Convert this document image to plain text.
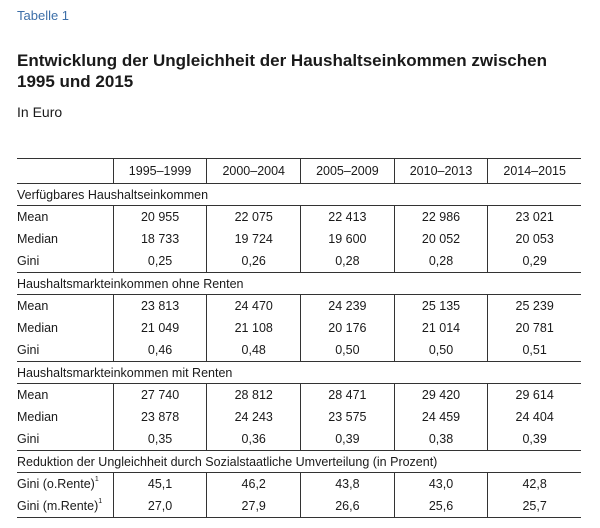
Tabelle 1
Entwicklung der Ungleichheit der Haushaltseinkommen zwischen 1995 und 2015
In Euro
	1995–1999	2000–2004	2005–2009	2010–2013	2014–2015
Verfügbares Haushaltseinkommen					
Mean	20 955	22 075	22 413	22 986	23 021
Median	18 733	19 724	19 600	20 052	20 053
Gini	0,25	0,26	0,28	0,28	0,29
Haushaltsmarkteinkommen ohne Renten					
Mean	23 813	24 470	24 239	25 135	25 239
Median	21 049	21 108	20 176	21 014	20 781
Gini	0,46	0,48	0,50	0,50	0,51
Haushaltsmarkteinkommen mit Renten					
Mean	27 740	28 812	28 471	29 420	29 614
Median	23 878	24 243	23 575	24 459	24 404
Gini	0,35	0,36	0,39	0,38	0,39
Reduktion der Ungleichheit durch Sozialstaatliche Umverteilung (in Prozent)					
Gini (o.Rente)$^1$	45,1	46,2	43,8	43,0	42,8
Gini (m.Rente)$^1$	27,0	27,9	26,6	25,6	25,7
